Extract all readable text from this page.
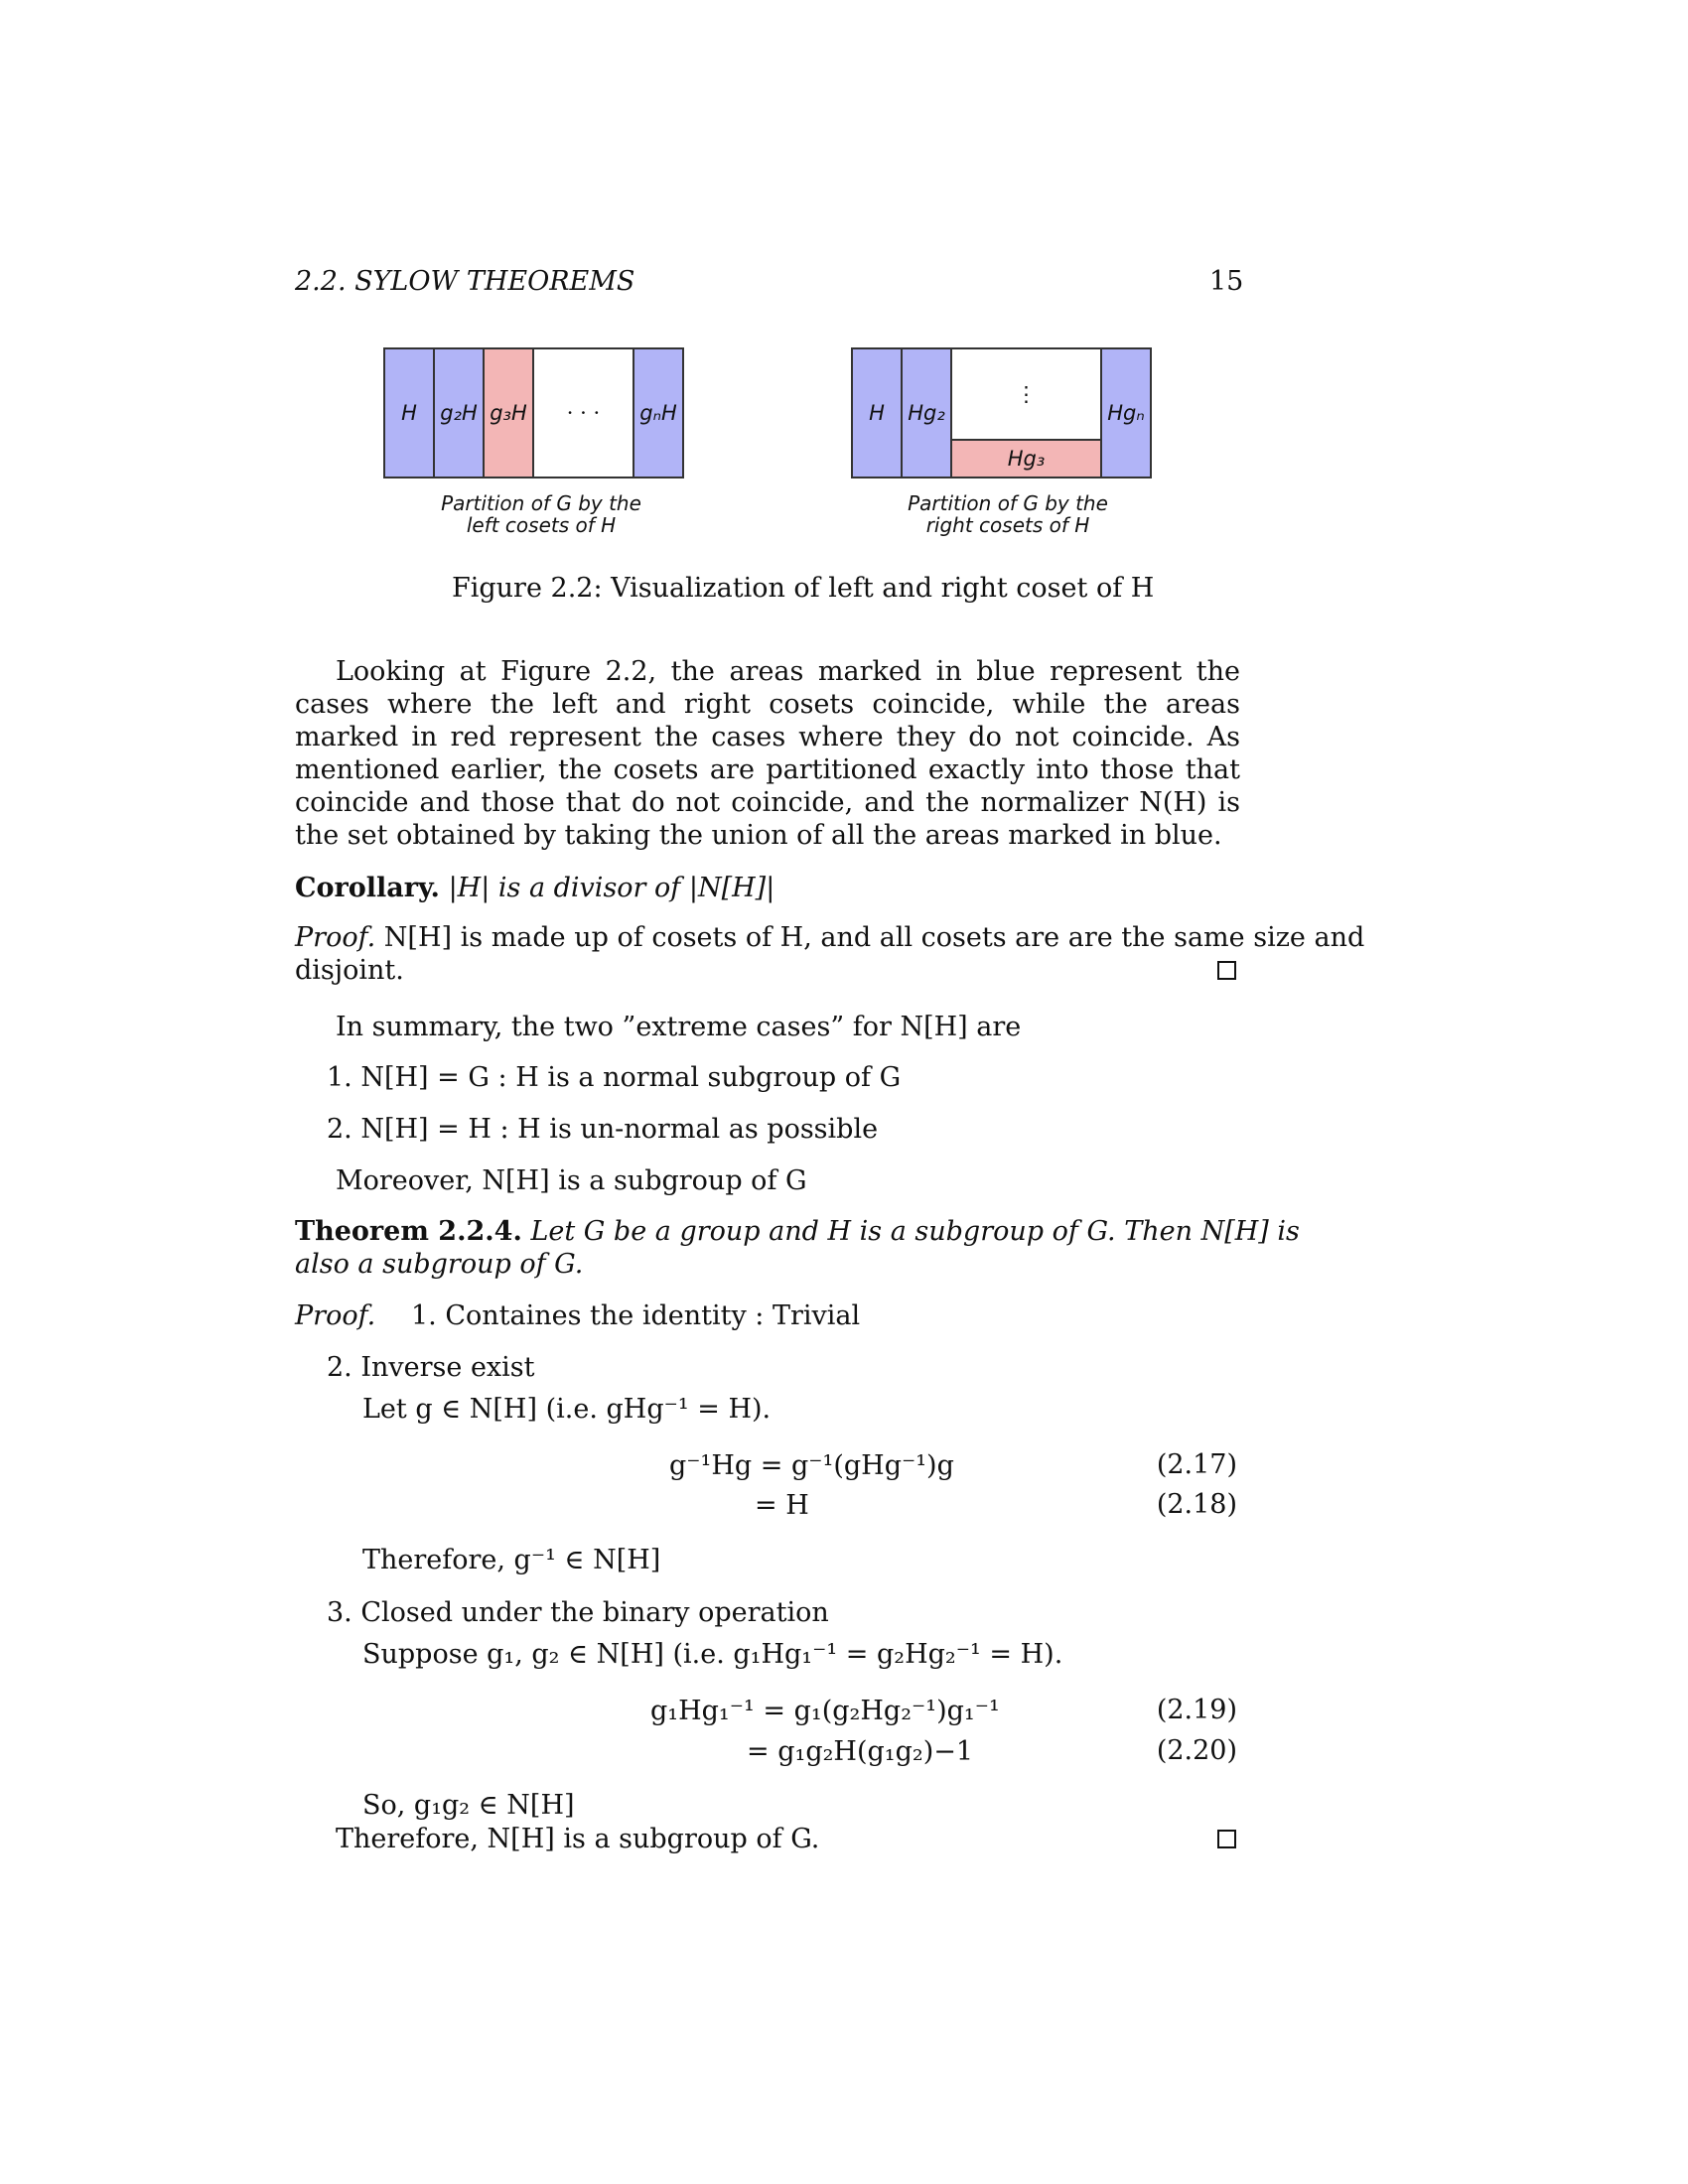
2.2. SYLOW THEOREMS	15
H g₂H g₃H · · · gₙH
Partition of G by the
left cosets of H
H Hg₂
⋮
Hg₃
Hgₙ
Partition of G by the
right cosets of H
Figure 2.2: Visualization of left and right coset of H
Looking at Figure 2.2, the areas marked in blue represent the cases where the left and right cosets coincide, while the areas marked in red represent the cases where they do not coincide. As mentioned earlier, the cosets are partitioned exactly into those that coincide and those that do not coincide, and the normalizer N(H) is the set obtained by taking the union of all the areas marked in blue.
Corollary. |H| is a divisor of |N[H]|
Proof. N[H] is made up of cosets of H, and all cosets are are the same size and
disjoint.
In summary, the two ”extreme cases” for N[H] are
1. N[H] = G : H is a normal subgroup of G
2. N[H] = H : H is un-normal as possible
Moreover, N[H] is a subgroup of G
Theorem 2.2.4. Let G be a group and H is a subgroup of G. Then N[H] is
also a subgroup of G.
Proof. 1. Containes the identity : Trivial
2. Inverse exist
Let g ∈ N[H] (i.e. gHg⁻¹ = H).
g⁻¹Hg = g⁻¹(gHg⁻¹)g	(2.17)
= H	(2.18)
Therefore, g⁻¹ ∈ N[H]
3. Closed under the binary operation
Suppose g₁, g₂ ∈ N[H] (i.e. g₁Hg₁⁻¹ = g₂Hg₂⁻¹ = H).
g₁Hg₁⁻¹ = g₁(g₂Hg₂⁻¹)g₁⁻¹	(2.19)
= g₁g₂H(g₁g₂)−1	(2.20)
So, g₁g₂ ∈ N[H]
Therefore, N[H] is a subgroup of G.
